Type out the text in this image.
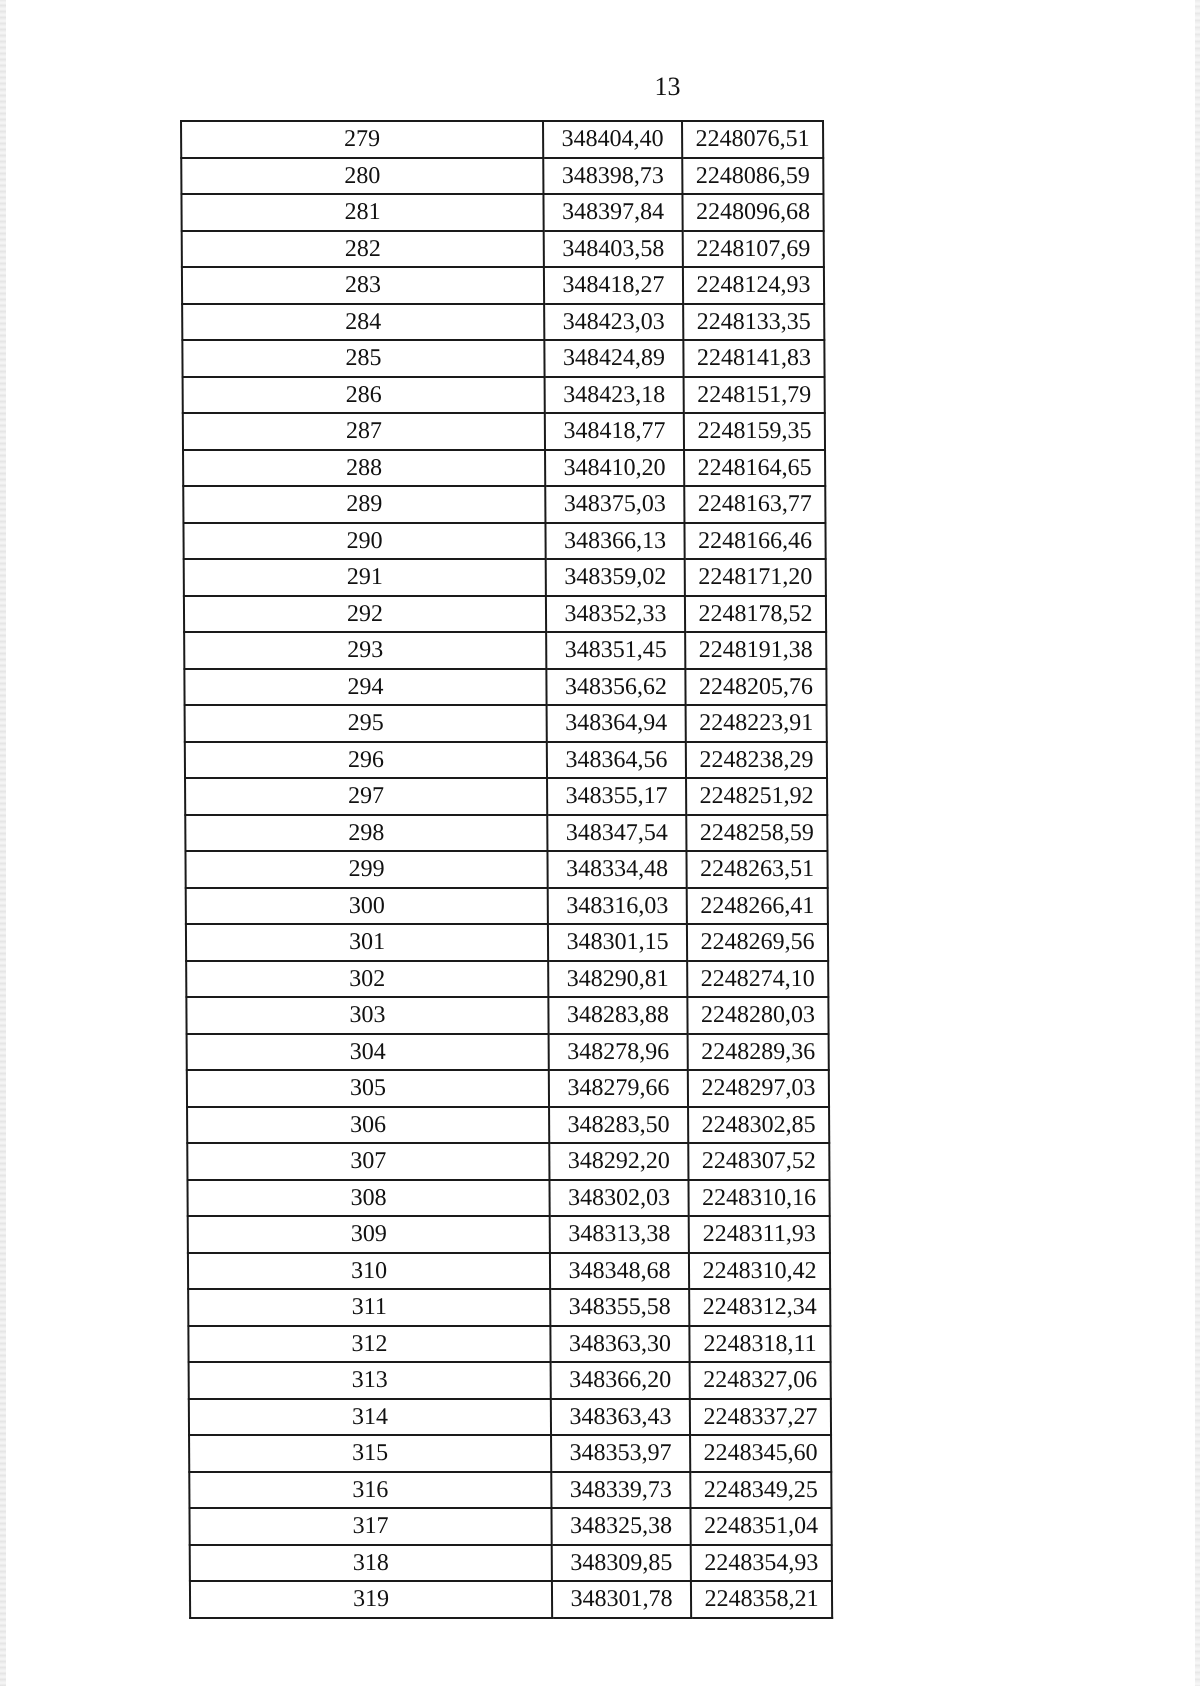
13
279	348404,40	2248076,51
280	348398,73	2248086,59
281	348397,84	2248096,68
282	348403,58	2248107,69
283	348418,27	2248124,93
284	348423,03	2248133,35
285	348424,89	2248141,83
286	348423,18	2248151,79
287	348418,77	2248159,35
288	348410,20	2248164,65
289	348375,03	2248163,77
290	348366,13	2248166,46
291	348359,02	2248171,20
292	348352,33	2248178,52
293	348351,45	2248191,38
294	348356,62	2248205,76
295	348364,94	2248223,91
296	348364,56	2248238,29
297	348355,17	2248251,92
298	348347,54	2248258,59
299	348334,48	2248263,51
300	348316,03	2248266,41
301	348301,15	2248269,56
302	348290,81	2248274,10
303	348283,88	2248280,03
304	348278,96	2248289,36
305	348279,66	2248297,03
306	348283,50	2248302,85
307	348292,20	2248307,52
308	348302,03	2248310,16
309	348313,38	2248311,93
310	348348,68	2248310,42
311	348355,58	2248312,34
312	348363,30	2248318,11
313	348366,20	2248327,06
314	348363,43	2248337,27
315	348353,97	2248345,60
316	348339,73	2248349,25
317	348325,38	2248351,04
318	348309,85	2248354,93
319	348301,78	2248358,21
